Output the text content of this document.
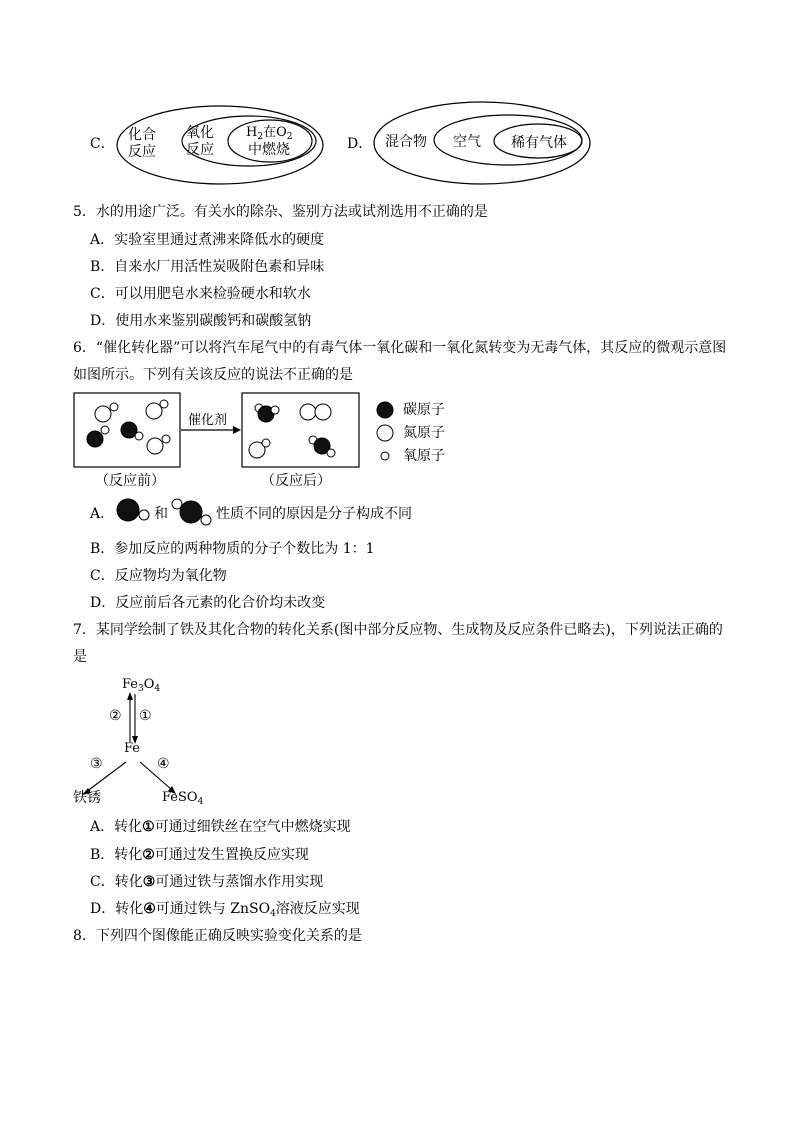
C．
化合
反应
氧化
反应
$H_2$在$O_2$
中燃烧	D． 混合物 空气 稀有气体
5．水的用途广泛。有关水的除杂、鉴别方法或试剂选用不正确的是
A．实验室里通过煮沸来降低水的硬度
B．自来水厂用活性炭吸附色素和异味
C．可以用肥皂水来检验硬水和软水
D．使用水来鉴别碳酸钙和碳酸氢钠
6．“催化转化器”可以将汽车尾气中的有毒气体一氧化碳和一氧化氮转变为无毒气体，其反应的微观示意图
如图所示。下列有关该反应的说法不正确的是
催化剂
（反应前）	（反应后）
碳原子
氮原子
氧原子
A．	和	性质不同的原因是分子构成不同
B．参加反应的两种物质的分子个数比为 1：1
C．反应物均为氧化物
D．反应前后各元素的化合价均未改变
7．某同学绘制了铁及其化合物的转化关系(图中部分反应物、生成物及反应条件已略去)，下列说法正确的
是
$Fe_3O_4$
② ①
Fe
③	④
铁锈	FeSO$_4$
A．转化①可通过细铁丝在空气中燃烧实现
B．转化②可通过发生置换反应实现
C．转化③可通过铁与蒸馏水作用实现
D．转化④可通过铁与 ZnSO$_4$溶液反应实现
8．下列四个图像能正确反映实验变化关系的是
